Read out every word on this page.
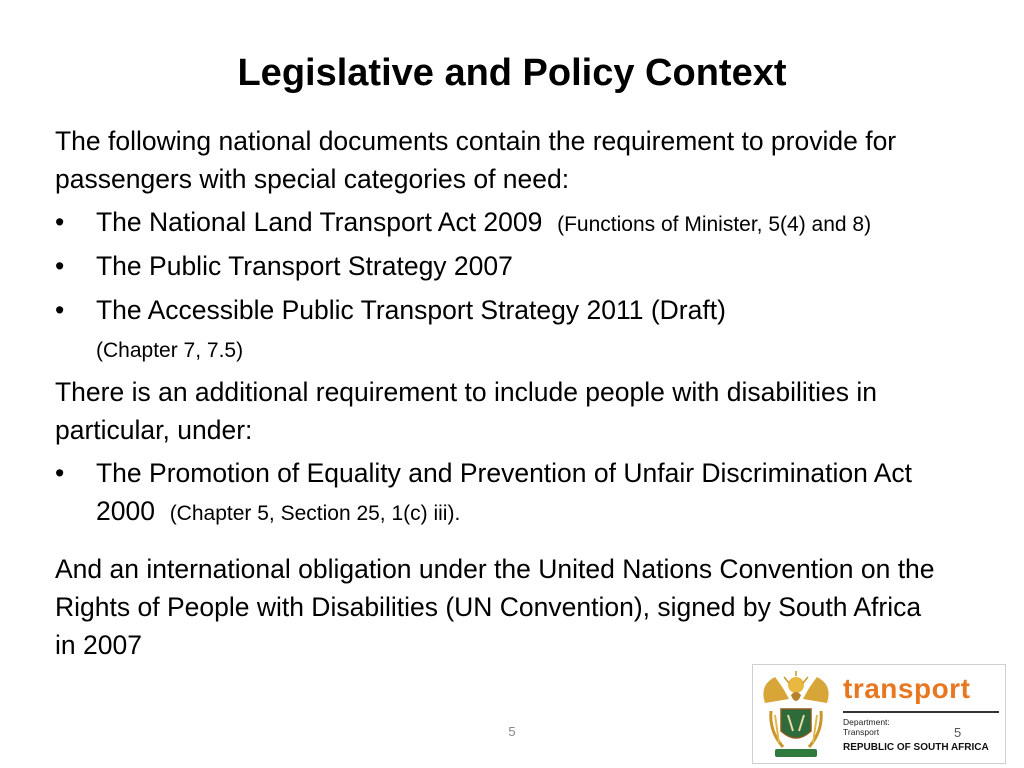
Legislative and Policy Context

The following national documents contain the requirement to provide for passengers with special categories of need:

• The National Land Transport Act 2009 (Functions of Minister, 5(4) and 8)
• The Public Transport Strategy 2007
• The Accessible Public Transport Strategy 2011 (Draft)
(Chapter 7, 7.5)

There is an additional requirement to include people with disabilities in particular, under:

• The Promotion of Equality and Prevention of Unfair Discrimination Act 2000 (Chapter 5, Section 25, 1(c) iii).

And an international obligation under the United Nations Convention on the Rights of People with Disabilities (UN Convention), signed by South Africa in 2007

5
transport
Department:
Transport
REPUBLIC OF SOUTH AFRICA
5
